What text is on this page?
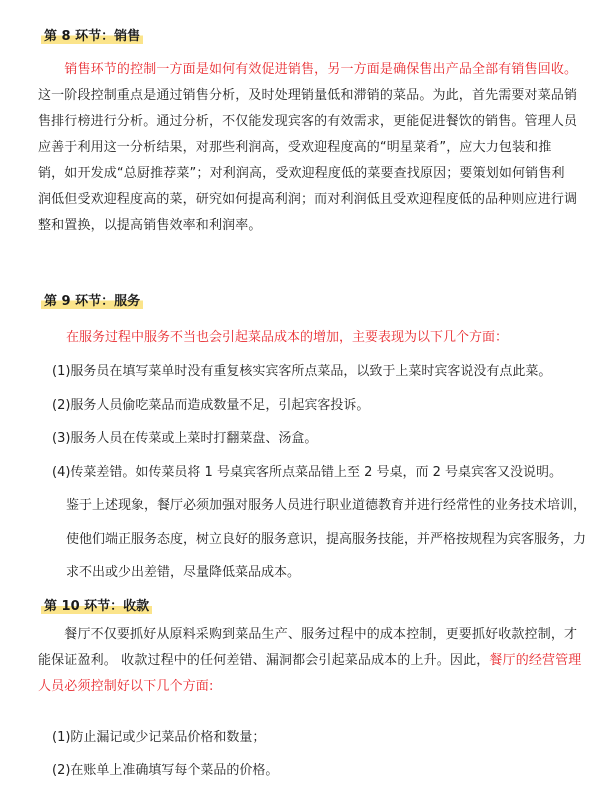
第 8 环节：销售
　　销售环节的控制一方面是如何有效促进销售，另一方面是确保售出产品全部有销售回收。
这一阶段控制重点是通过销售分析，及时处理销量低和滞销的菜品。为此，首先需要对菜品销
售排行榜进行分析。通过分析，不仅能发现宾客的有效需求，更能促进餐饮的销售。管理人员
应善于利用这一分析结果，对那些利润高，受欢迎程度高的“明星菜肴”，应大力包装和推
销，如开发成“总厨推荐菜”；对利润高，受欢迎程度低的菜要查找原因；要策划如何销售利
润低但受欢迎程度高的菜，研究如何提高利润；而对利润低且受欢迎程度低的品种则应进行调
整和置换，以提高销售效率和利润率。
第 9 环节：服务
在服务过程中服务不当也会引起菜品成本的增加，主要表现为以下几个方面：
(1)服务员在填写菜单时没有重复核实宾客所点菜品，以致于上菜时宾客说没有点此菜。
(2)服务人员偷吃菜品而造成数量不足，引起宾客投诉。
(3)服务人员在传菜或上菜时打翻菜盘、汤盒。
(4)传菜差错。如传菜员将 1 号桌宾客所点菜品错上至 2 号桌，而 2 号桌宾客又没说明。
鉴于上述现象，餐厅必须加强对服务人员进行职业道德教育并进行经常性的业务技术培训，
使他们端正服务态度，树立良好的服务意识，提高服务技能，并严格按规程为宾客服务，力
求不出或少出差错，尽量降低菜品成本。
第 10 环节：收款
　　餐厅不仅要抓好从原料采购到菜品生产、服务过程中的成本控制，更要抓好收款控制，才
能保证盈利。 收款过程中的任何差错、漏洞都会引起菜品成本的上升。因此，餐厅的经营管理
人员必须控制好以下几个方面:
(1)防止漏记或少记菜品价格和数量；
(2)在账单上准确填写每个菜品的价格。
